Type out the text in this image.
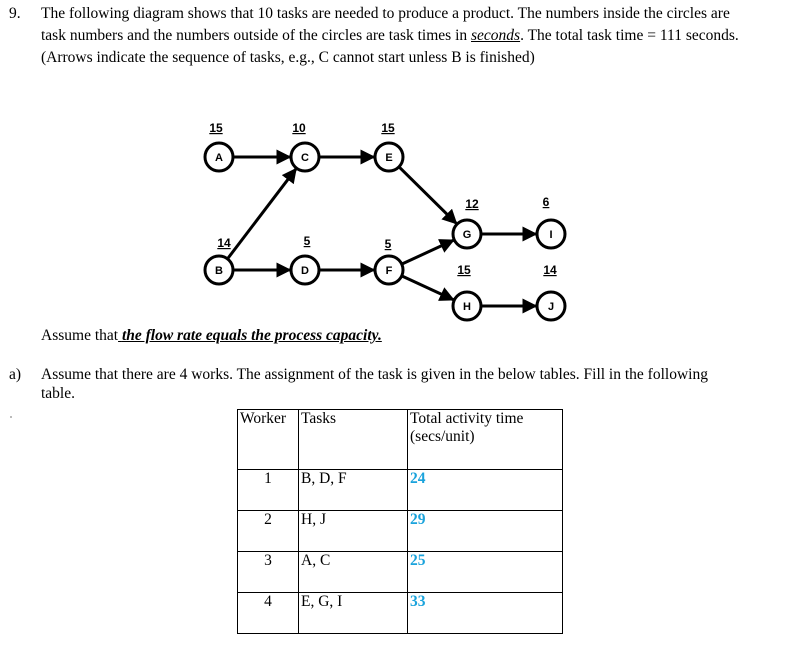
9. The following diagram shows that 10 tasks are needed to produce a product. The numbers inside the circles are
task numbers and the numbers outside of the circles are task times in seconds. The total task time = 111 seconds.
(Arrows indicate the sequence of tasks, e.g., C cannot start unless B is finished)
A
15
C
10
E
15
B
14
D
5
F
5
G
12
H
15
I
6
J
14
Assume that the flow rate equals the process capacity.
a) Assume that there are 4 works. The assignment of the task is given in the below tables. Fill in the following
table.
Worker	Tasks	Total activity time
(secs/unit)

1	B, D, F	24
2	H, J	29
3	A, C	25
4	E, G, I	33
